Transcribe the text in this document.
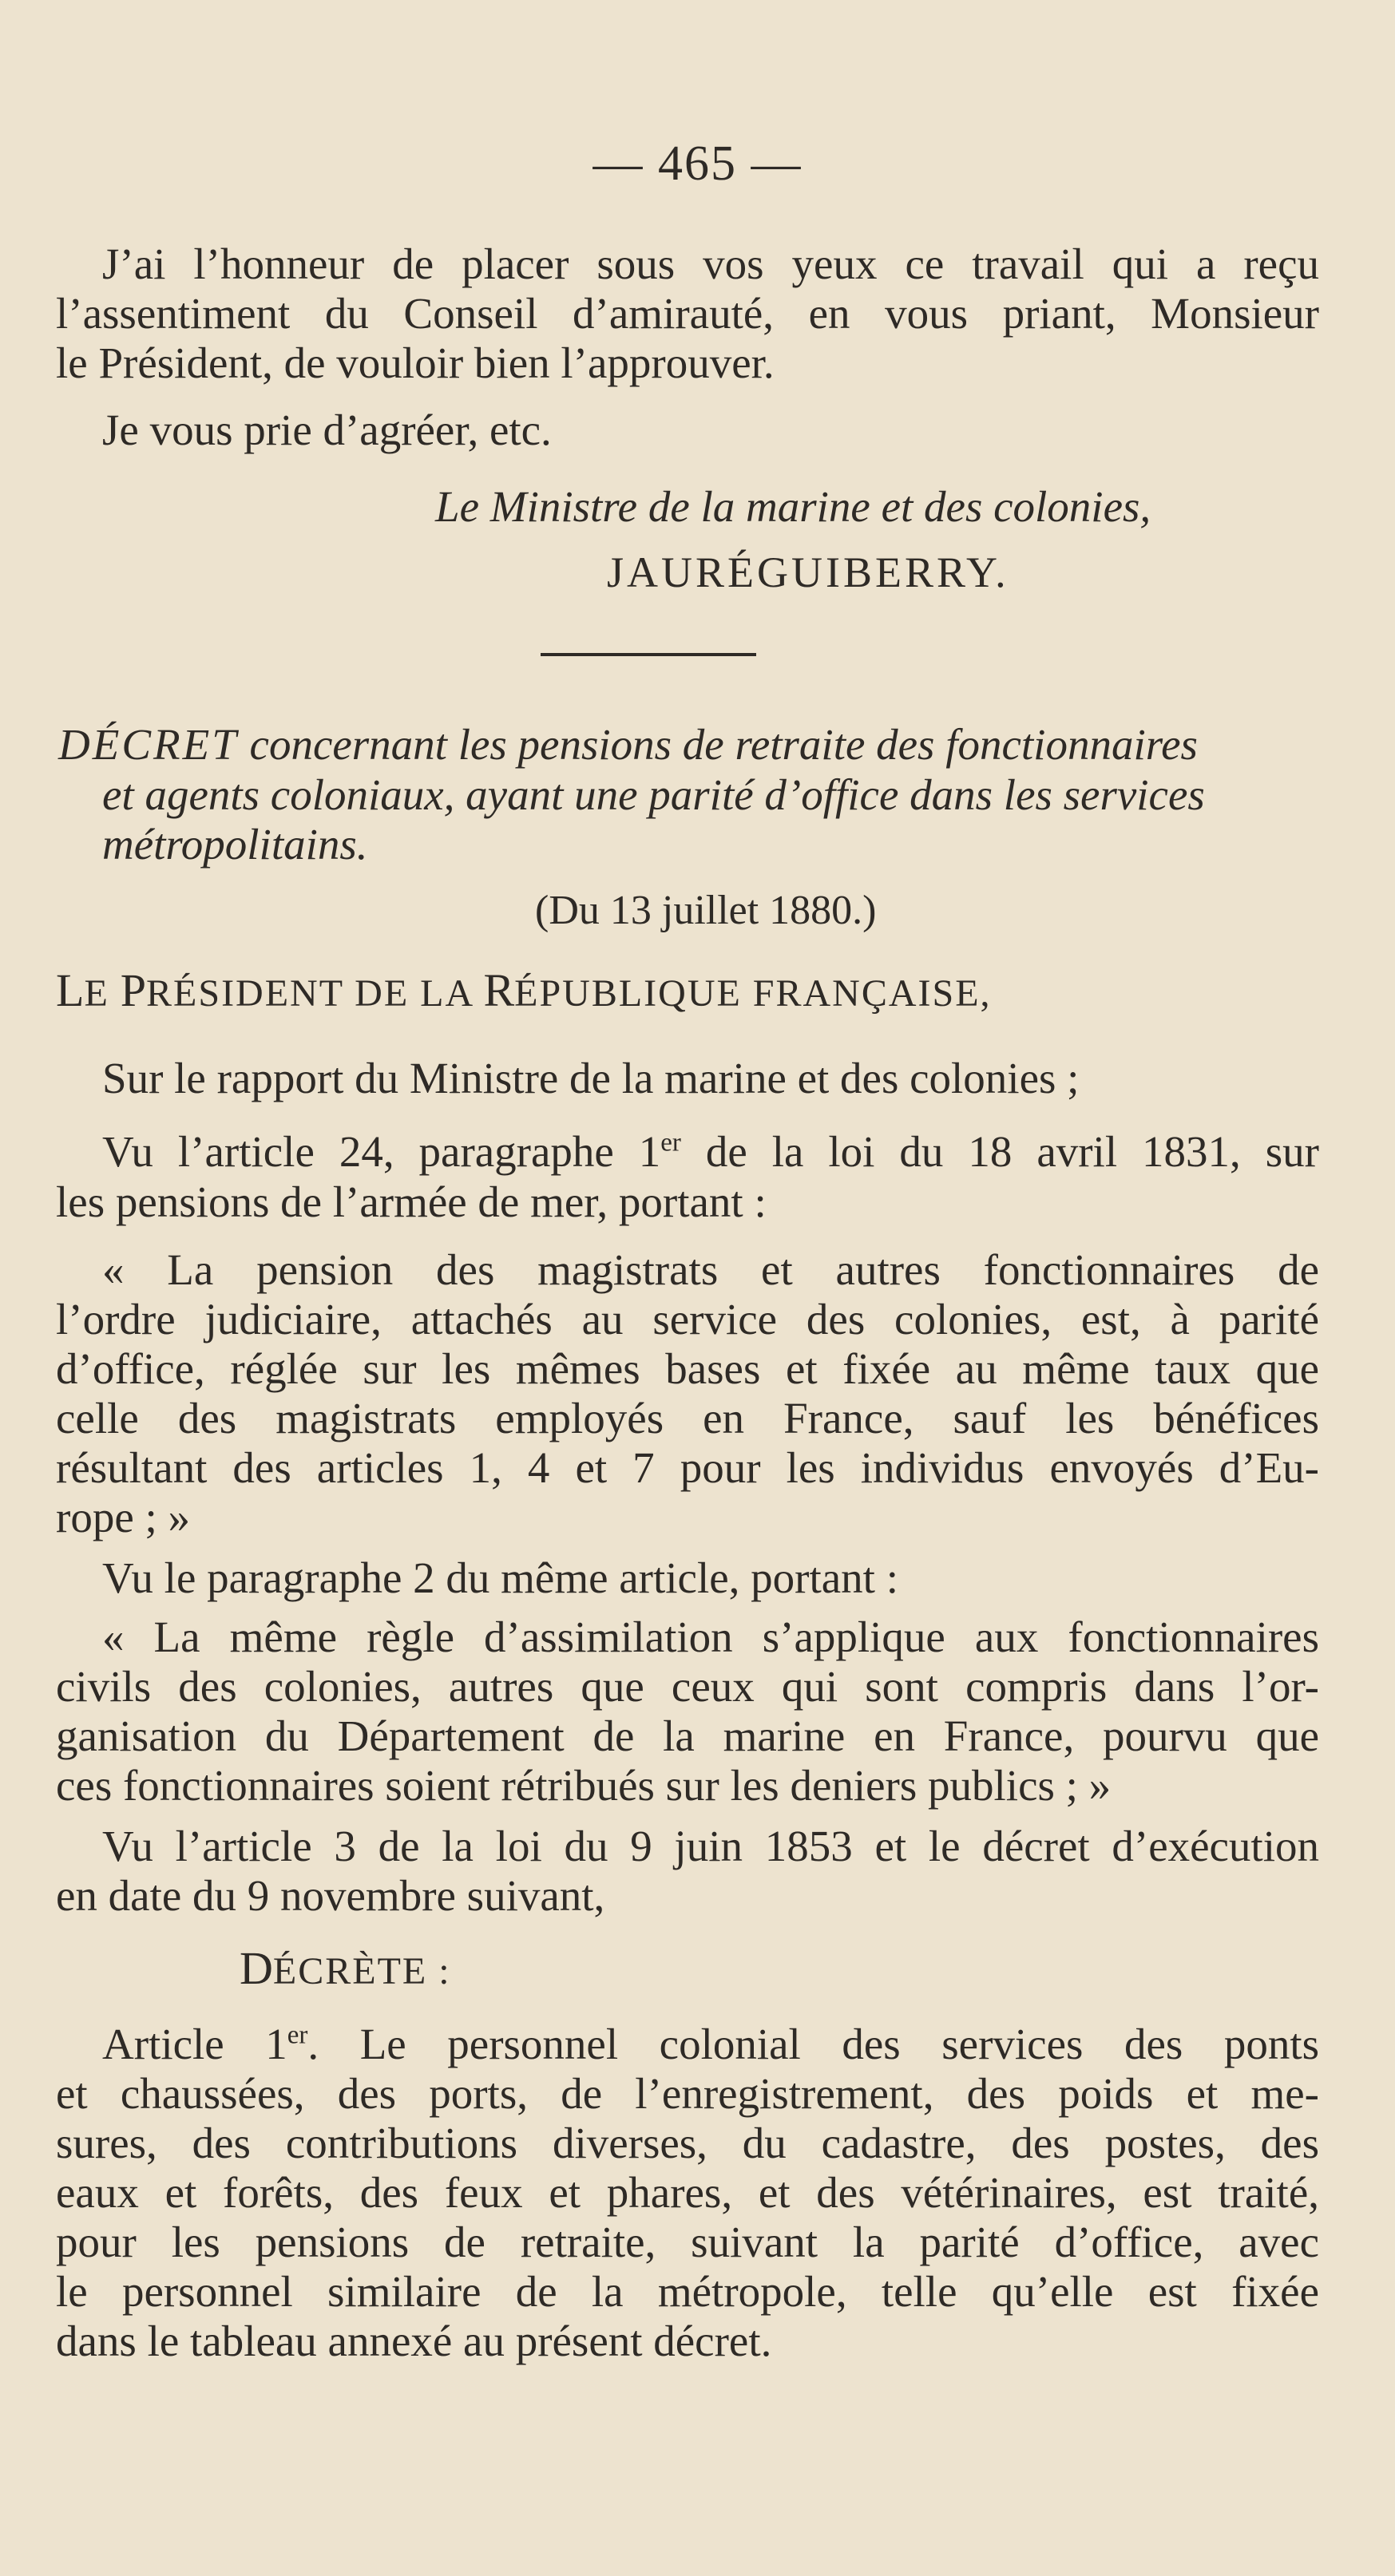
— 465 —
J’ai l’honneur de placer sous vos yeux ce travail qui a reçu
l’assentiment du Conseil d’amirauté, en vous priant, Monsieur
le Président, de vouloir bien l’approuver.
Je vous prie d’agréer, etc.
Le Ministre de la marine et des colonies,
JAURÉGUIBERRY.
DÉCRET concernant les pensions de retraite des fonctionnaires
et agents coloniaux, ayant une parité d’office dans les services
métropolitains.
(Du 13 juillet 1880.)
LE PRÉSIDENT DE LA RÉPUBLIQUE FRANÇAISE,
Sur le rapport du Ministre de la marine et des colonies ;
Vu l’article 24, paragraphe 1er de la loi du 18 avril 1831, sur
les pensions de l’armée de mer, portant :
« La pension des magistrats et autres fonctionnaires de
l’ordre judiciaire, attachés au service des colonies, est, à parité
d’office, réglée sur les mêmes bases et fixée au même taux que
celle des magistrats employés en France, sauf les bénéfices
résultant des articles 1, 4 et 7 pour les individus envoyés d’Eu-
rope ; »
Vu le paragraphe 2 du même article, portant :
« La même règle d’assimilation s’applique aux fonctionnaires
civils des colonies, autres que ceux qui sont compris dans l’or-
ganisation du Département de la marine en France, pourvu que
ces fonctionnaires soient rétribués sur les deniers publics ; »
Vu l’article 3 de la loi du 9 juin 1853 et le décret d’exécution
en date du 9 novembre suivant,
DÉCRÈTE :
Article 1er. Le personnel colonial des services des ponts
et chaussées, des ports, de l’enregistrement, des poids et me-
sures, des contributions diverses, du cadastre, des postes, des
eaux et forêts, des feux et phares, et des vétérinaires, est traité,
pour les pensions de retraite, suivant la parité d’office, avec
le personnel similaire de la métropole, telle qu’elle est fixée
dans le tableau annexé au présent décret.
